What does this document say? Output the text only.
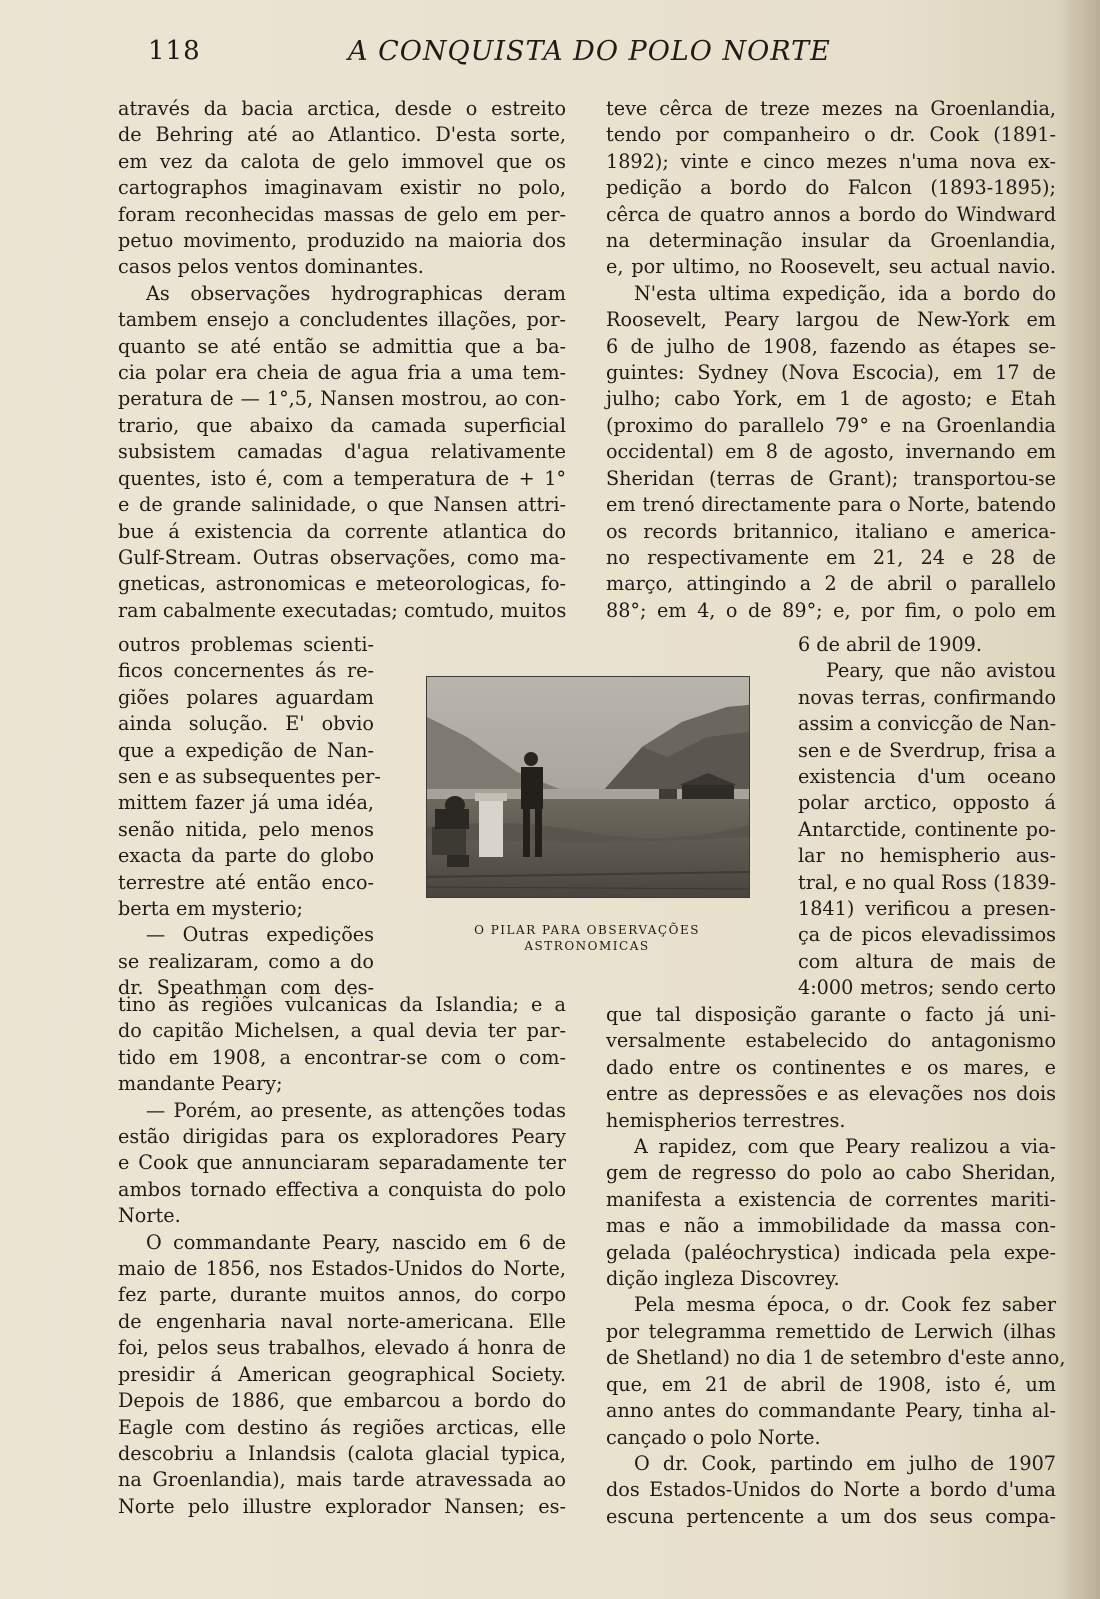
118	A CONQUISTA DO POLO NORTE

através da bacia arctica, desde o estreito

de Behring até ao Atlantico. D'esta sorte,

em vez da calota de gelo immovel que os

cartographos imaginavam existir no polo,

foram reconhecidas massas de gelo em per-

petuo movimento, produzido na maioria dos

casos pelos ventos dominantes.

As observações hydrographicas deram

tambem ensejo a concludentes illações, por-

quanto se até então se admittia que a ba-

cia polar era cheia de agua fria a uma tem-

peratura de — 1°,5, Nansen mostrou, ao con-

trario, que abaixo da camada superficial

subsistem camadas d'agua relativamente

quentes, isto é, com a temperatura de + 1°

e de grande salinidade, o que Nansen attri-

bue á existencia da corrente atlantica do

Gulf-Stream. Outras observações, como ma-

gneticas, astronomicas e meteorologicas, fo-

ram cabalmente executadas; comtudo, muitos

outros problemas scienti-

ficos concernentes ás re-

giões polares aguardam

ainda solução. E' obvio

que a expedição de Nan-

sen e as subsequentes per-

mittem fazer já uma idéa,

senão nitida, pelo menos

exacta da parte do globo

terrestre até então enco-

berta em mysterio;

— Outras expedições

se realizaram, como a do

dr. Speathman com des-

tino ás regiões vulcanicas da Islandia; e a

do capitão Michelsen, a qual devia ter par-

tido em 1908, a encontrar-se com o com-

mandante Peary;

— Porém, ao presente, as attenções todas

estão dirigidas para os exploradores Peary

e Cook que annunciaram separadamente ter

ambos tornado effectiva a conquista do polo

Norte.

O commandante Peary, nascido em 6 de

maio de 1856, nos Estados-Unidos do Norte,

fez parte, durante muitos annos, do corpo

de engenharia naval norte-americana. Elle

foi, pelos seus trabalhos, elevado á honra de

presidir á American geographical Society.

Depois de 1886, que embarcou a bordo do

Eagle com destino ás regiões arcticas, elle

descobriu a Inlandsis (calota glacial typica,

na Groenlandia), mais tarde atravessada ao

Norte pelo illustre explorador Nansen; es-

teve cêrca de treze mezes na Groenlandia,

tendo por companheiro o dr. Cook (1891-

1892); vinte e cinco mezes n'uma nova ex-

pedição a bordo do Falcon (1893-1895);

cêrca de quatro annos a bordo do Windward

na determinação insular da Groenlandia,

e, por ultimo, no Roosevelt, seu actual navio.

N'esta ultima expedição, ida a bordo do

Roosevelt, Peary largou de New-York em

6 de julho de 1908, fazendo as étapes se-

guintes: Sydney (Nova Escocia), em 17 de

julho; cabo York, em 1 de agosto; e Etah

(proximo do parallelo 79° e na Groenlandia

occidental) em 8 de agosto, invernando em

Sheridan (terras de Grant); transportou-se

em trenó directamente para o Norte, batendo

os records britannico, italiano e america-

no respectivamente em 21, 24 e 28 de

março, attingindo a 2 de abril o parallelo

88°; em 4, o de 89°; e, por fim, o polo em

6 de abril de 1909.

Peary, que não avistou

novas terras, confirmando

assim a convicção de Nan-

sen e de Sverdrup, frisa a

existencia d'um oceano

polar arctico, opposto á

Antarctide, continente po-

lar no hemispherio aus-

tral, e no qual Ross (1839-

1841) verificou a presen-

ça de picos elevadissimos

com altura de mais de

4:000 metros; sendo certo

que tal disposição garante o facto já uni-

versalmente estabelecido do antagonismo

dado entre os continentes e os mares, e

entre as depressões e as elevações nos dois

hemispherios terrestres.

A rapidez, com que Peary realizou a via-

gem de regresso do polo ao cabo Sheridan,

manifesta a existencia de correntes mariti-

mas e não a immobilidade da massa con-

gelada (paléochrystica) indicada pela expe-

dição ingleza Discovrey.

Pela mesma época, o dr. Cook fez saber

por telegramma remettido de Lerwich (ilhas

de Shetland) no dia 1 de setembro d'este anno,

que, em 21 de abril de 1908, isto é, um

anno antes do commandante Peary, tinha al-

cançado o polo Norte.

O dr. Cook, partindo em julho de 1907

dos Estados-Unidos do Norte a bordo d'uma

escuna pertencente a um dos seus compa-

O PILAR PARA OBSERVAÇÕES
ASTRONOMICAS
